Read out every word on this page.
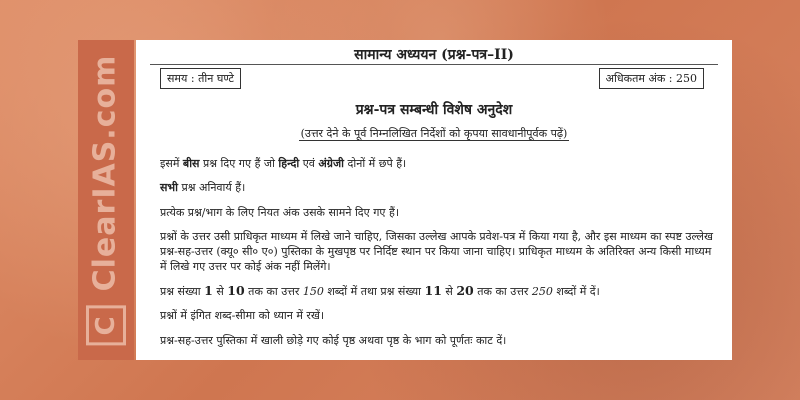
CClearIAS.com	सामान्य अध्ययन (प्रश्न-पत्र–II)
समय : तीन घण्टे	अधिकतम अंक : 250
प्रश्न-पत्र सम्बन्धी विशेष अनुदेश
(उत्तर देने के पूर्व निम्नलिखित निर्देशों को कृपया सावधानीपूर्वक पढ़ें)
इसमें बीस प्रश्न दिए गए हैं जो हिन्दी एवं अंग्रेजी दोनों में छपे हैं।
सभी प्रश्न अनिवार्य हैं।
प्रत्येक प्रश्न/भाग के लिए नियत अंक उसके सामने दिए गए हैं।
प्रश्नों के उत्तर उसी प्राधिकृत माध्यम में लिखे जाने चाहिए, जिसका उल्लेख आपके प्रवेश-पत्र में किया गया है, और इस माध्यम का स्पष्ट उल्लेख प्रश्न-सह-उत्तर (क्यू० सी० ए०) पुस्तिका के मुखपृष्ठ पर निर्दिष्ट स्थान पर किया जाना चाहिए। प्राधिकृत माध्यम के अतिरिक्त अन्य किसी माध्यम में लिखे गए उत्तर पर कोई अंक नहीं मिलेंगे।
प्रश्न संख्या 1 से 10 तक का उत्तर 150 शब्दों में तथा प्रश्न संख्या 11 से 20 तक का उत्तर 250 शब्दों में दें।
प्रश्नों में इंगित शब्द-सीमा को ध्यान में रखें।
प्रश्न-सह-उत्तर पुस्तिका में खाली छोड़े गए कोई पृष्ठ अथवा पृष्ठ के भाग को पूर्णतः काट दें।
